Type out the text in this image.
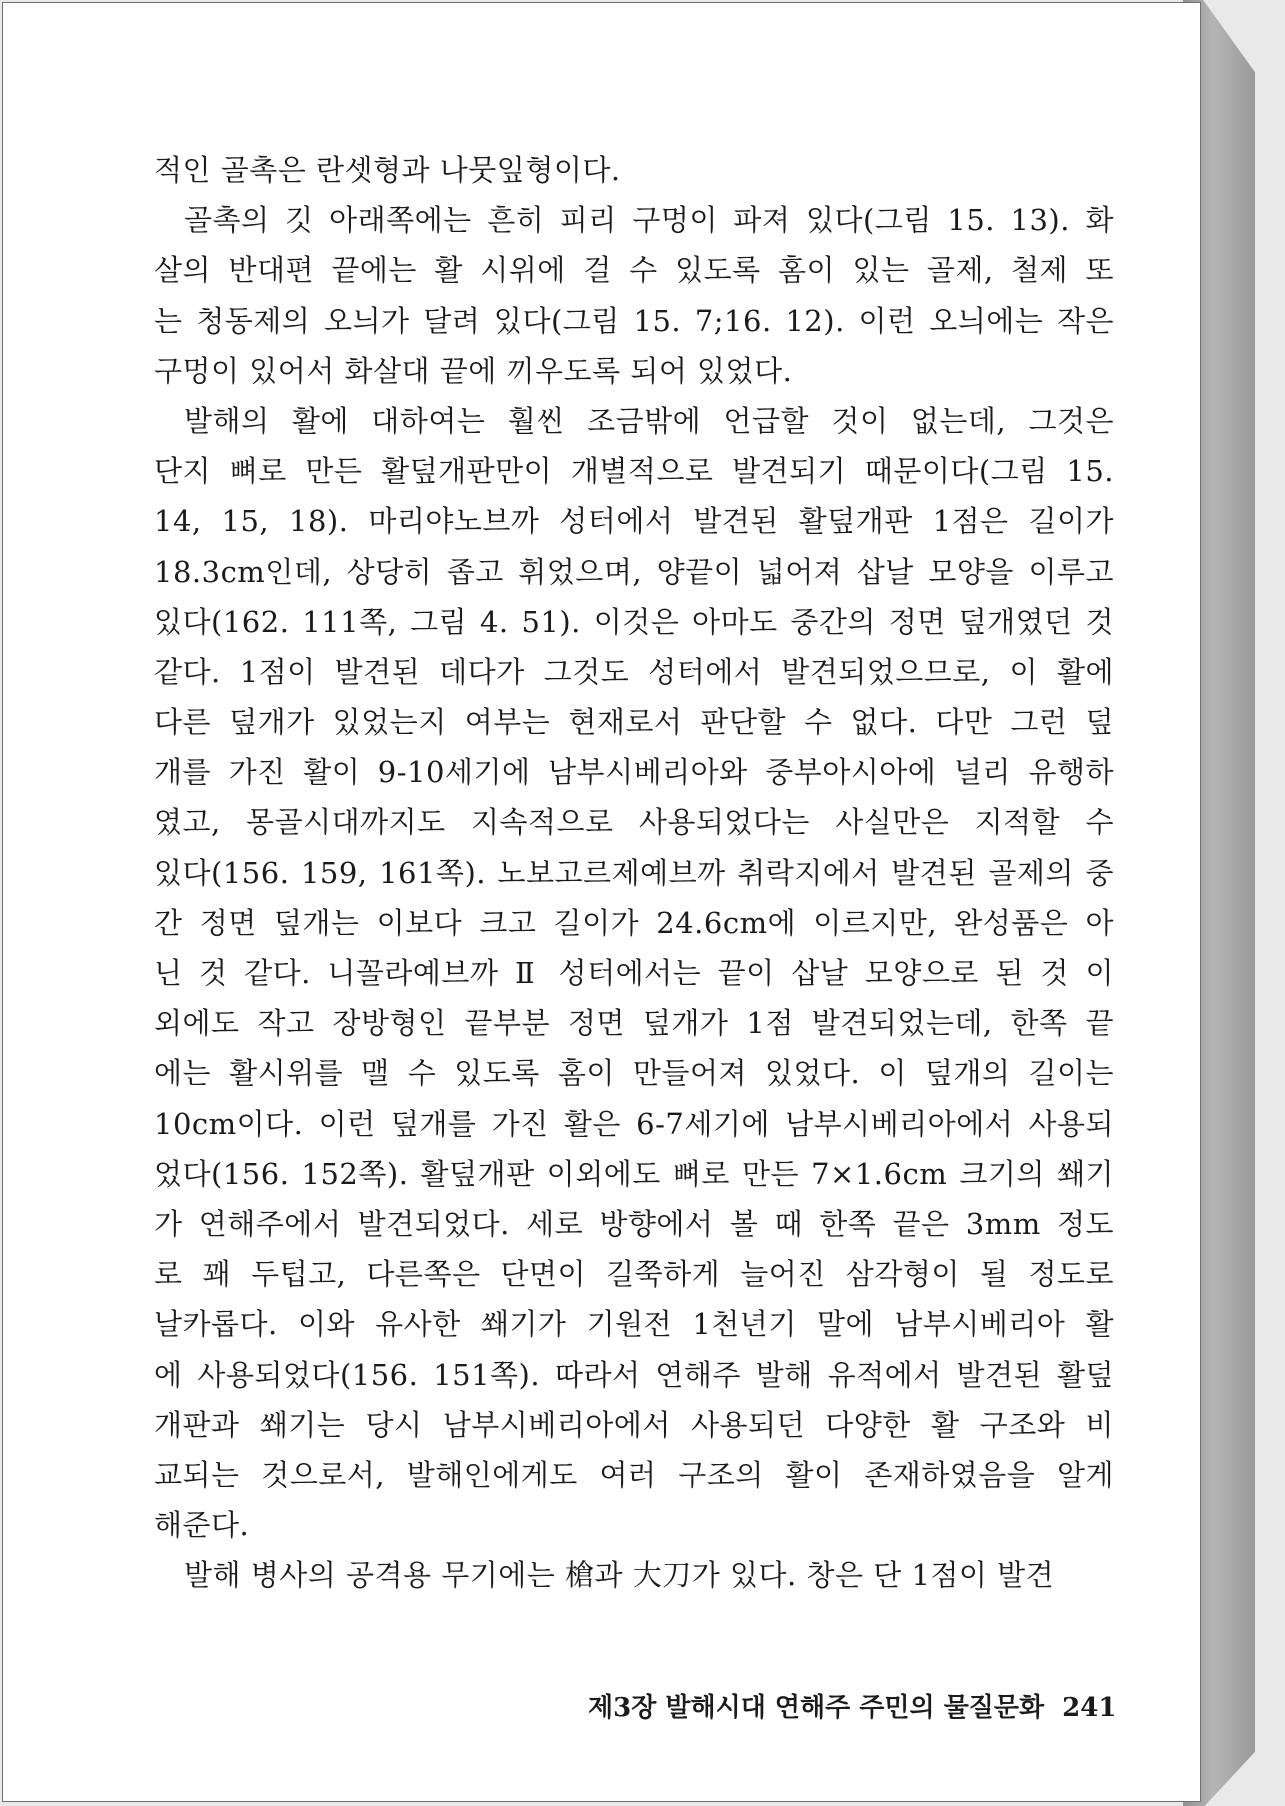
적인 골촉은 란셋형과 나뭇잎형이다.
골촉의 깃 아래쪽에는 흔히 피리 구멍이 파져 있다(그림 15. 13). 화
살의 반대편 끝에는 활 시위에 걸 수 있도록 홈이 있는 골제, 철제 또
는 청동제의 오늬가 달려 있다(그림 15. 7;16. 12). 이런 오늬에는 작은
구멍이 있어서 화살대 끝에 끼우도록 되어 있었다.
발해의 활에 대하여는 훨씬 조금밖에 언급할 것이 없는데, 그것은
단지 뼈로 만든 활덮개판만이 개별적으로 발견되기 때문이다(그림 15.
14, 15, 18). 마리야노브까 성터에서 발견된 활덮개판 1점은 길이가
18.3cm인데, 상당히 좁고 휘었으며, 양끝이 넓어져 삽날 모양을 이루고
있다(162. 111쪽, 그림 4. 51). 이것은 아마도 중간의 정면 덮개였던 것
같다. 1점이 발견된 데다가 그것도 성터에서 발견되었으므로, 이 활에
다른 덮개가 있었는지 여부는 현재로서 판단할 수 없다. 다만 그런 덮
개를 가진 활이 9-10세기에 남부시베리아와 중부아시아에 널리 유행하
였고, 몽골시대까지도 지속적으로 사용되었다는 사실만은 지적할 수
있다(156. 159, 161쪽). 노보고르제예브까 취락지에서 발견된 골제의 중
간 정면 덮개는 이보다 크고 길이가 24.6cm에 이르지만, 완성품은 아
닌 것 같다. 니꼴라예브까 Ⅱ 성터에서는 끝이 삽날 모양으로 된 것 이
외에도 작고 장방형인 끝부분 정면 덮개가 1점 발견되었는데, 한쪽 끝
에는 활시위를 맬 수 있도록 홈이 만들어져 있었다. 이 덮개의 길이는
10cm이다. 이런 덮개를 가진 활은 6-7세기에 남부시베리아에서 사용되
었다(156. 152쪽). 활덮개판 이외에도 뼈로 만든 7×1.6cm 크기의 쐐기
가 연해주에서 발견되었다. 세로 방향에서 볼 때 한쪽 끝은 3mm 정도
로 꽤 두텁고, 다른쪽은 단면이 길쭉하게 늘어진 삼각형이 될 정도로
날카롭다. 이와 유사한 쐐기가 기원전 1천년기 말에 남부시베리아 활
에 사용되었다(156. 151쪽). 따라서 연해주 발해 유적에서 발견된 활덮
개판과 쐐기는 당시 남부시베리아에서 사용되던 다양한 활 구조와 비
교되는 것으로서, 발해인에게도 여러 구조의 활이 존재하였음을 알게
해준다.
발해 병사의 공격용 무기에는 槍과 大刀가 있다. 창은 단 1점이 발견
제3장 발해시대 연해주 주민의 물질문화 241
